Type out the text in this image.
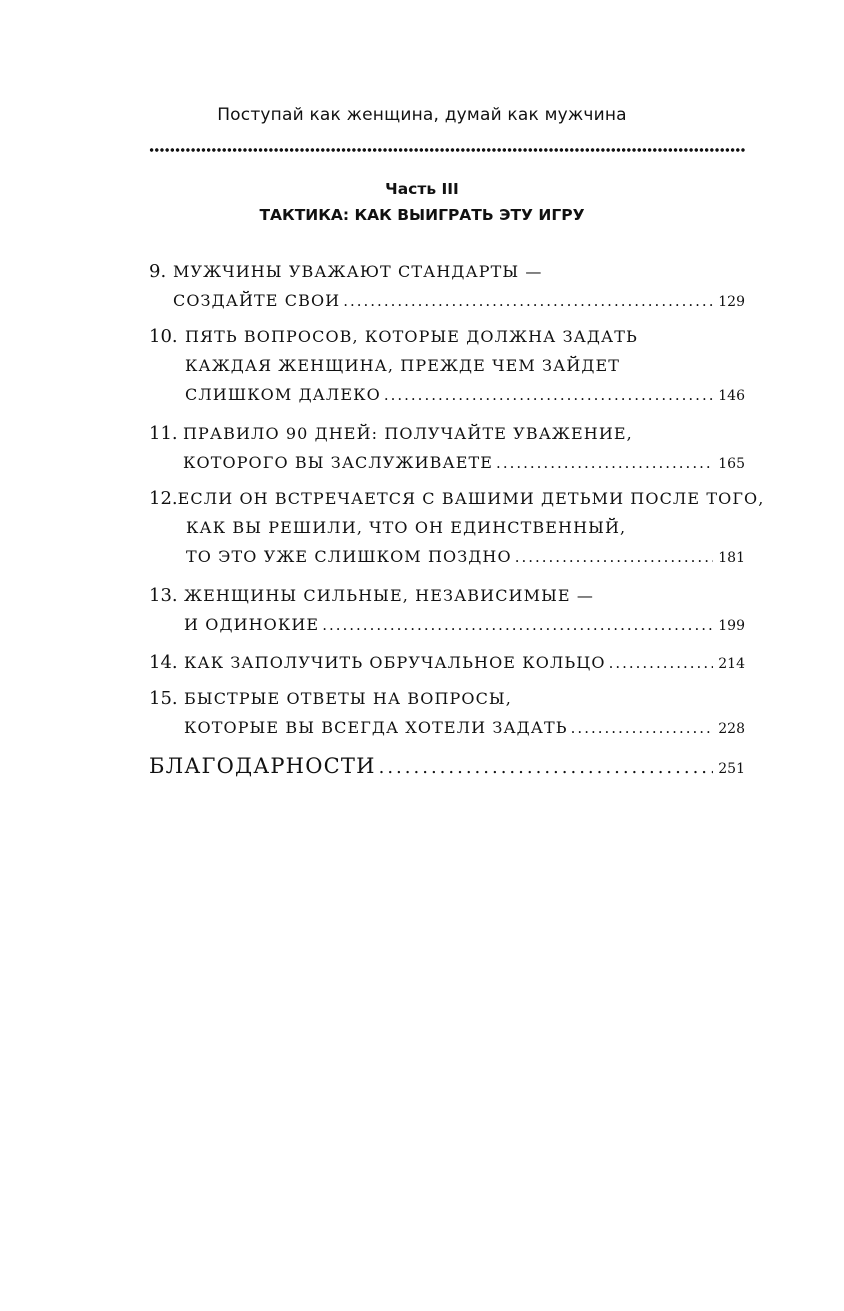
Поступай как женщина, думай как мужчина
Часть III
ТАКТИКА: КАК ВЫИГРАТЬ ЭТУ ИГРУ
9. МУЖЧИНЫ УВАЖАЮТ СТАНДАРТЫ —
СОЗДАЙТЕ СВОИ .....	129
10. ПЯТЬ ВОПРОСОВ, КОТОРЫЕ ДОЛЖНА ЗАДАТЬ
КАЖДАЯ ЖЕНЩИНА, ПРЕЖДЕ ЧЕМ ЗАЙДЕТ
СЛИШКОМ ДАЛЕКО .....	146
11. ПРАВИЛО 90 ДНЕЙ: ПОЛУЧАЙТЕ УВАЖЕНИЕ,
КОТОРОГО ВЫ ЗАСЛУЖИВАЕТЕ .....	165
12. ЕСЛИ ОН ВСТРЕЧАЕТСЯ С ВАШИМИ ДЕТЬМИ ПОСЛЕ ТОГО,
КАК ВЫ РЕШИЛИ, ЧТО ОН ЕДИНСТВЕННЫЙ,
ТО ЭТО УЖЕ СЛИШКОМ ПОЗДНО .....	181
13. ЖЕНЩИНЫ СИЛЬНЫЕ, НЕЗАВИСИМЫЕ —
И ОДИНОКИЕ .....	199
14. КАК ЗАПОЛУЧИТЬ ОБРУЧАЛЬНОЕ КОЛЬЦО .....	214
15. БЫСТРЫЕ ОТВЕТЫ НА ВОПРОСЫ,
КОТОРЫЕ ВЫ ВСЕГДА ХОТЕЛИ ЗАДАТЬ .....	228
БЛАГОДАРНОСТИ .....	251
